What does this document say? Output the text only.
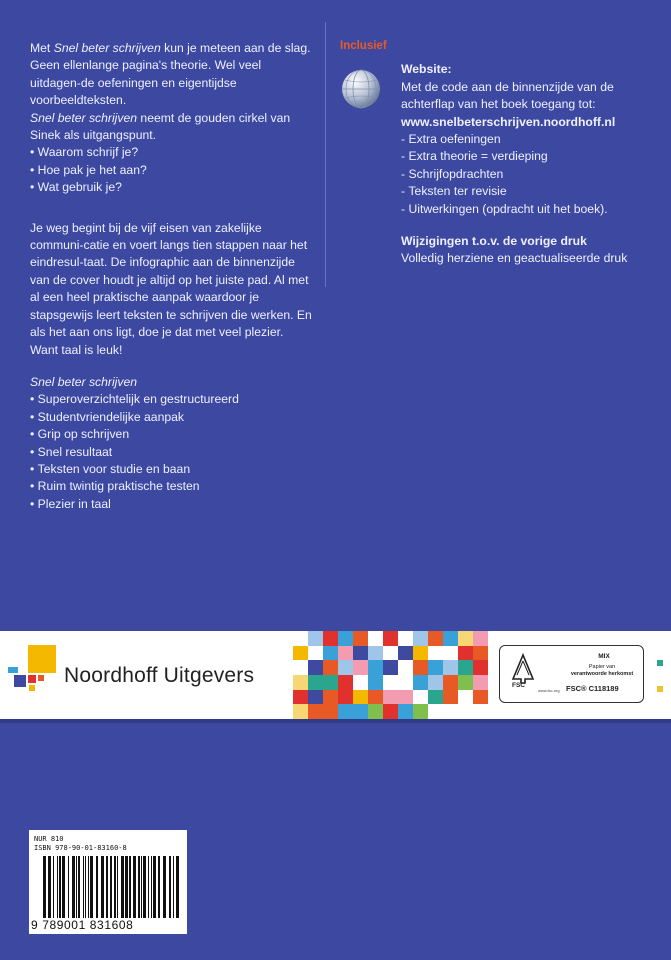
Met Snel beter schrijven kun je meteen aan de slag. Geen ellenlange pagina's theorie. Wel veel uitdagen-de oefeningen en eigentijdse voorbeeldteksten.

Snel beter schrijven neemt de gouden cirkel van Sinek als uitgangspunt.

• Waarom schrijf je?
• Hoe pak je het aan?
• Wat gebruik je?

Je weg begint bij de vijf eisen van zakelijke communi-catie en voert langs tien stappen naar het eindresul-taat. De infographic aan de binnenzijde van de cover houdt je altijd op het juiste pad. Al met al een heel praktische aanpak waardoor je stapsgewijs leert teksten te schrijven die werken. En als het aan ons ligt, doe je dat met veel plezier. Want taal is leuk!

Snel beter schrijven

• Superoverzichtelijk en gestructureerd
• Studentvriendelijke aanpak
• Grip op schrijven
• Snel resultaat
• Teksten voor studie en baan
• Ruim twintig praktische testen
• Plezier in taal
Inclusief

Website:

Met de code aan de binnenzijde van de achterflap van het boek toegang tot:

www.snelbeterschrijven.noordhoff.nl

- Extra oefeningen
- Extra theorie = verdieping
- Schrijfopdrachten
- Teksten ter revisie
- Uitwerkingen (opdracht uit het boek).

Wijzigingen t.o.v. de vorige druk

Volledig herziene en geactualiseerde druk

Noordhoff Uitgevers	FSC
www.fsc.org
MIX
Papier van
verantwoorde herkomst
FSC® C118189
NUR 810
ISBN 978-90-01-83160-8
9 789001 831608
